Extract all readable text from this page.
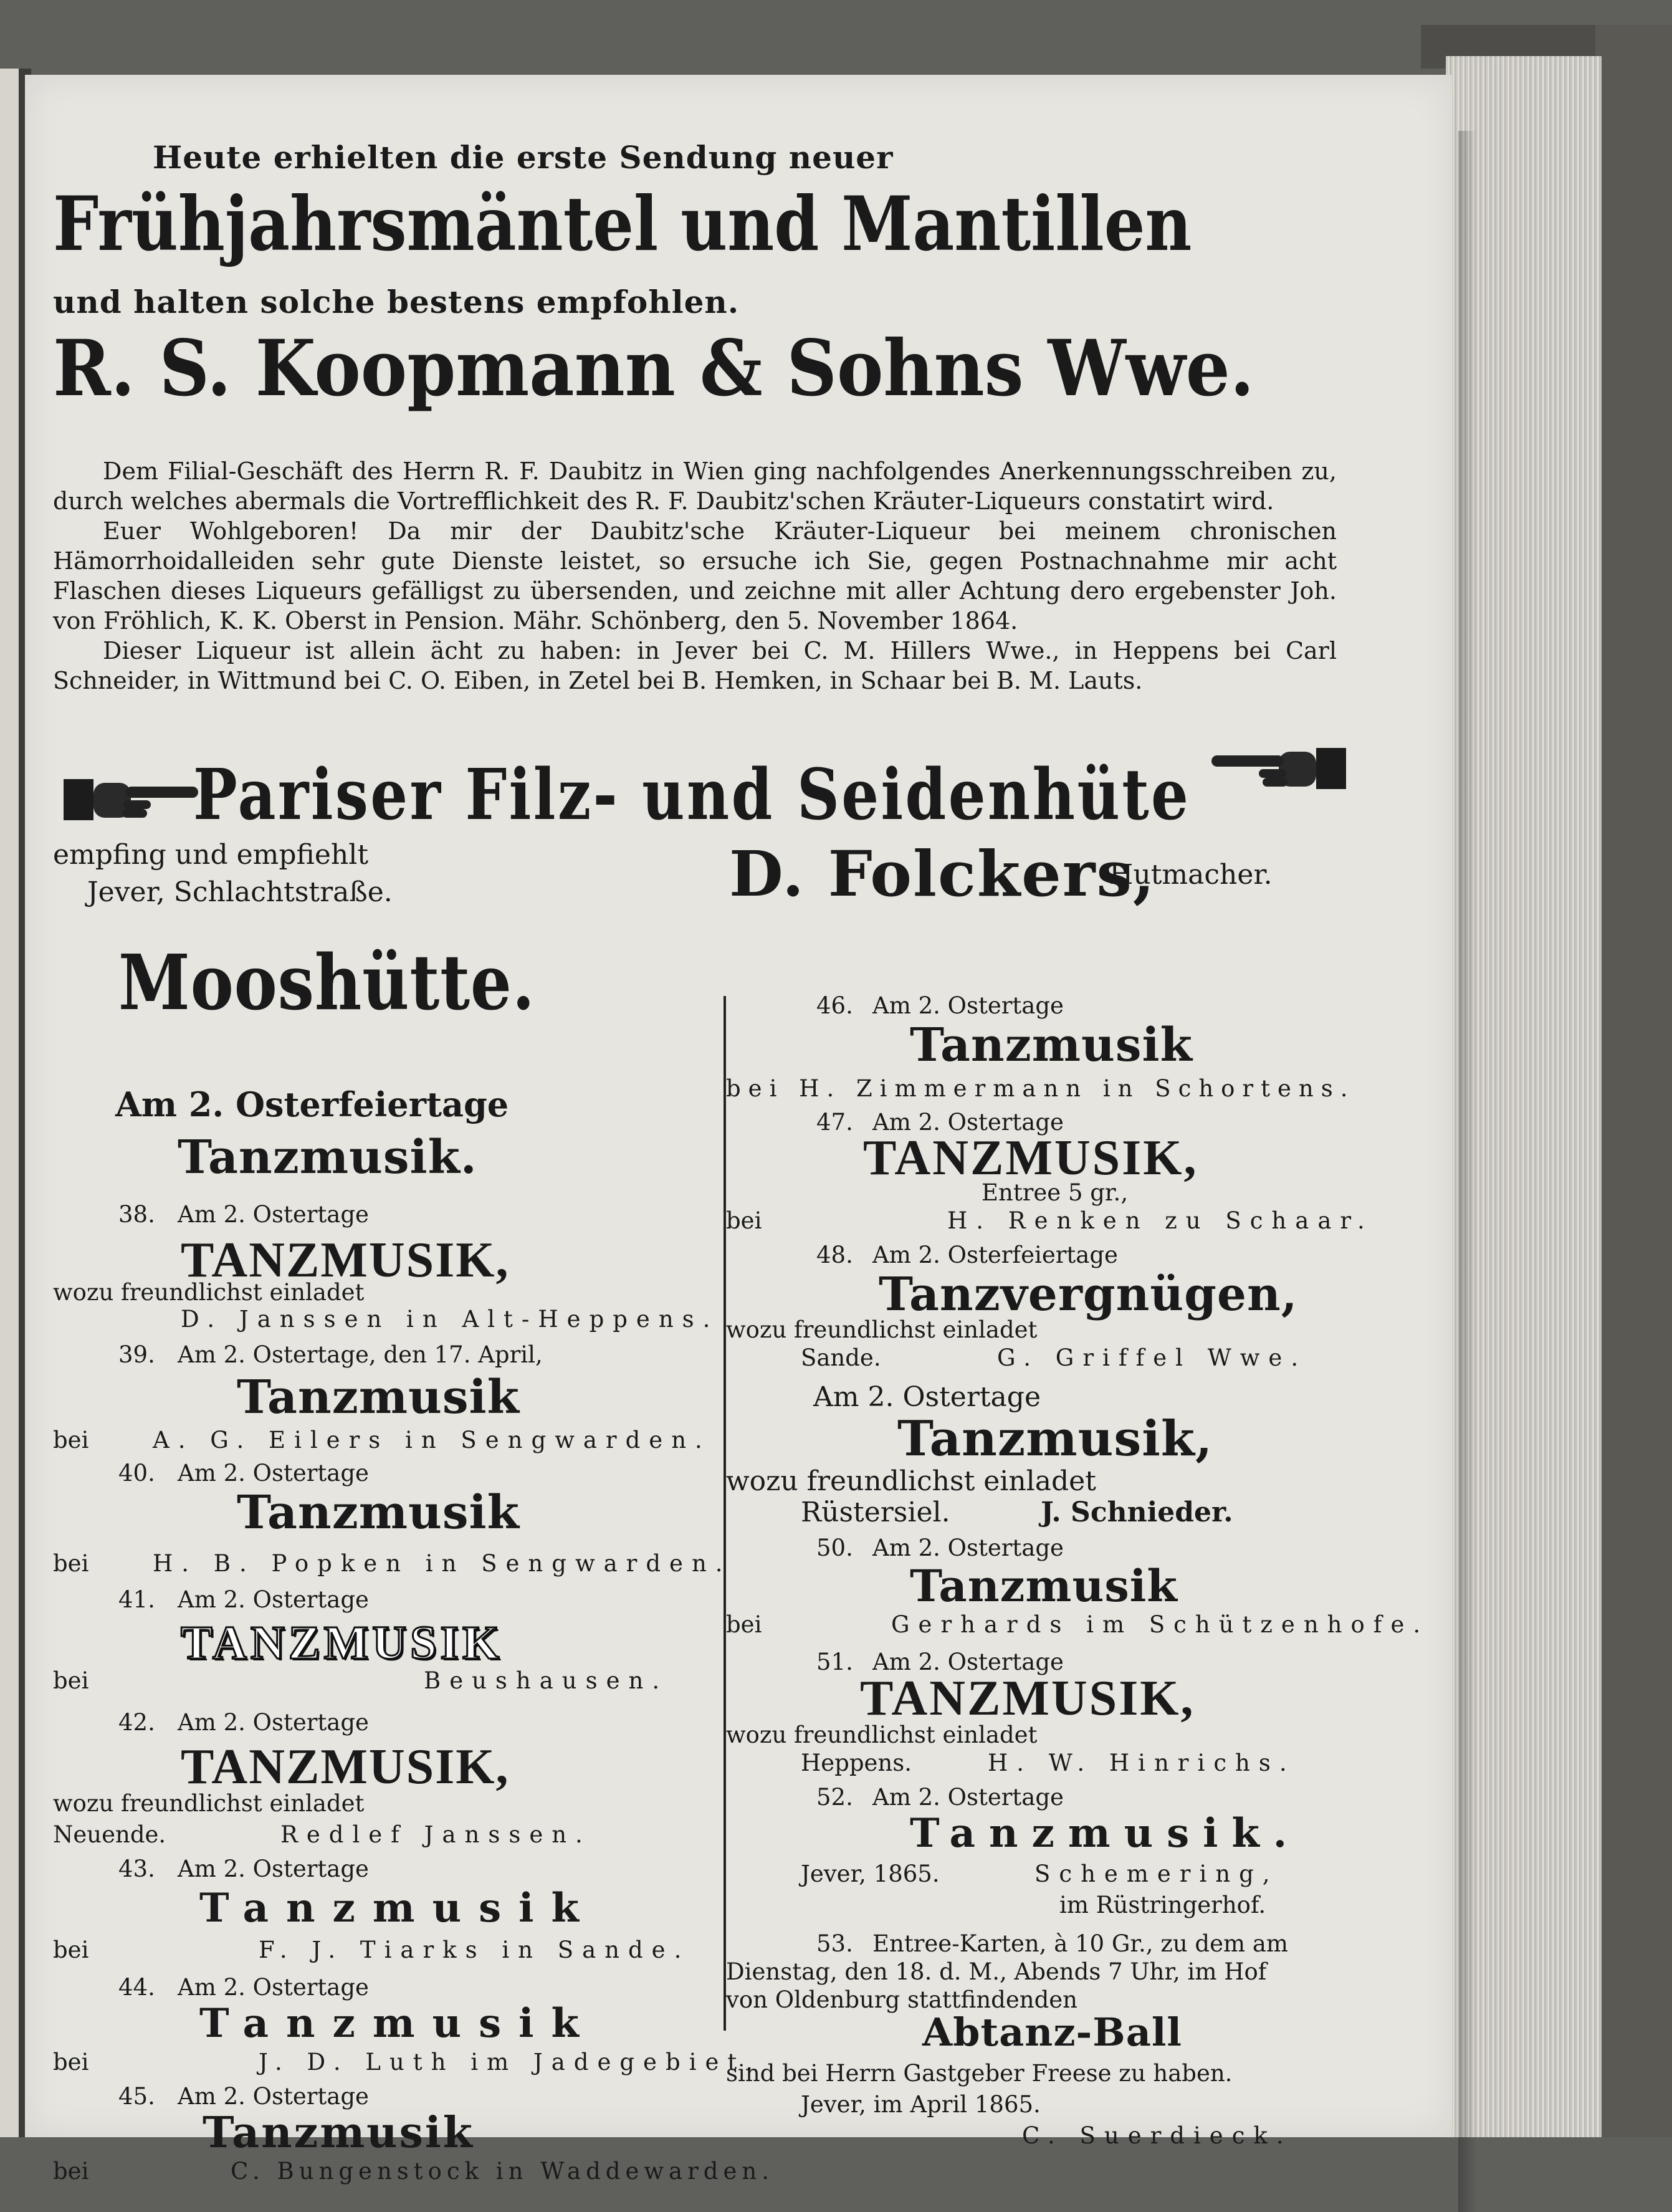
Heute erhielten die erste Sendung neuer
Frühjahrsmäntel und Mantillen
und halten solche bestens empfohlen.
R. S. Koopmann & Sohns Wwe.
Dem Filial-Geschäft des Herrn R. F. Daubitz in Wien ging nachfolgendes Anerkennungsschreiben zu, durch welches abermals die Vortrefflichkeit des R. F. Daubitz'schen Kräuter-Liqueurs constatirt wird.
Euer Wohlgeboren! Da mir der Daubitz'sche Kräuter-Liqueur bei meinem chronischen Hämorrhoidalleiden sehr gute Dienste leistet, so ersuche ich Sie, gegen Postnachnahme mir acht Flaschen dieses Liqueurs gefälligst zu übersenden, und zeichne mit aller Achtung dero ergebenster Joh. von Fröhlich, K. K. Oberst in Pension. Mähr. Schönberg, den 5. November 1864.
Dieser Liqueur ist allein ächt zu haben: in Jever bei C. M. Hillers Wwe., in Heppens bei Carl Schneider, in Wittmund bei C. O. Eiben, in Zetel bei B. Hemken, in Schaar bei B. M. Lauts.
Pariser Filz- und Seidenhüte
empfing und empfiehlt
Jever, Schlachtstraße.	D. Folckers,
Hutmacher.
Mooshütte.
Am 2. Osterfeiertage
Tanzmusik.
38. Am 2. Ostertage
TANZMUSIK,
wozu freundlichst einladet
D. Janssen in Alt-Heppens.
39. Am 2. Ostertage, den 17. April,
Tanzmusik
bei	A. G. Eilers in Sengwarden.
40. Am 2. Ostertage
Tanzmusik
bei	H. B. Popken in Sengwarden.
41. Am 2. Ostertage
TANZMUSIK
bei	Beushausen.
42. Am 2. Ostertage
TANZMUSIK,
wozu freundlichst einladet
Neuende.	Redlef Janssen.
43. Am 2. Ostertage
Tanzmusik
bei	F. J. Tiarks in Sande.
44. Am 2. Ostertage
Tanzmusik
bei	J. D. Luth im Jadegebiet.
45. Am 2. Ostertage
Tanzmusik
bei	C. Bungenstock in Waddewarden.
46. Am 2. Ostertage
Tanzmusik
bei H. Zimmermann in Schortens.
47. Am 2. Ostertage
TANZMUSIK,
Entree 5 gr.,
bei	H. Renken zu Schaar.
48. Am 2. Osterfeiertage
Tanzvergnügen,
wozu freundlichst einladet
Sande.	G. Griffel Wwe.
Am 2. Ostertage
Tanzmusik,
wozu freundlichst einladet
Rüstersiel.	J. Schnieder.
50. Am 2. Ostertage
Tanzmusik
bei	Gerhards im Schützenhofe.
51. Am 2. Ostertage
TANZMUSIK,
wozu freundlichst einladet
Heppens.	H. W. Hinrichs.
52. Am 2. Ostertage
Tanzmusik.
Jever, 1865.	Schemering,
im Rüstringerhof.
53. Entree-Karten, à 10 Gr., zu dem am
Dienstag, den 18. d. M., Abends 7 Uhr, im Hof
von Oldenburg stattfindenden
Abtanz-Ball
sind bei Herrn Gastgeber Freese zu haben.
Jever, im April 1865.
C. Suerdieck.
